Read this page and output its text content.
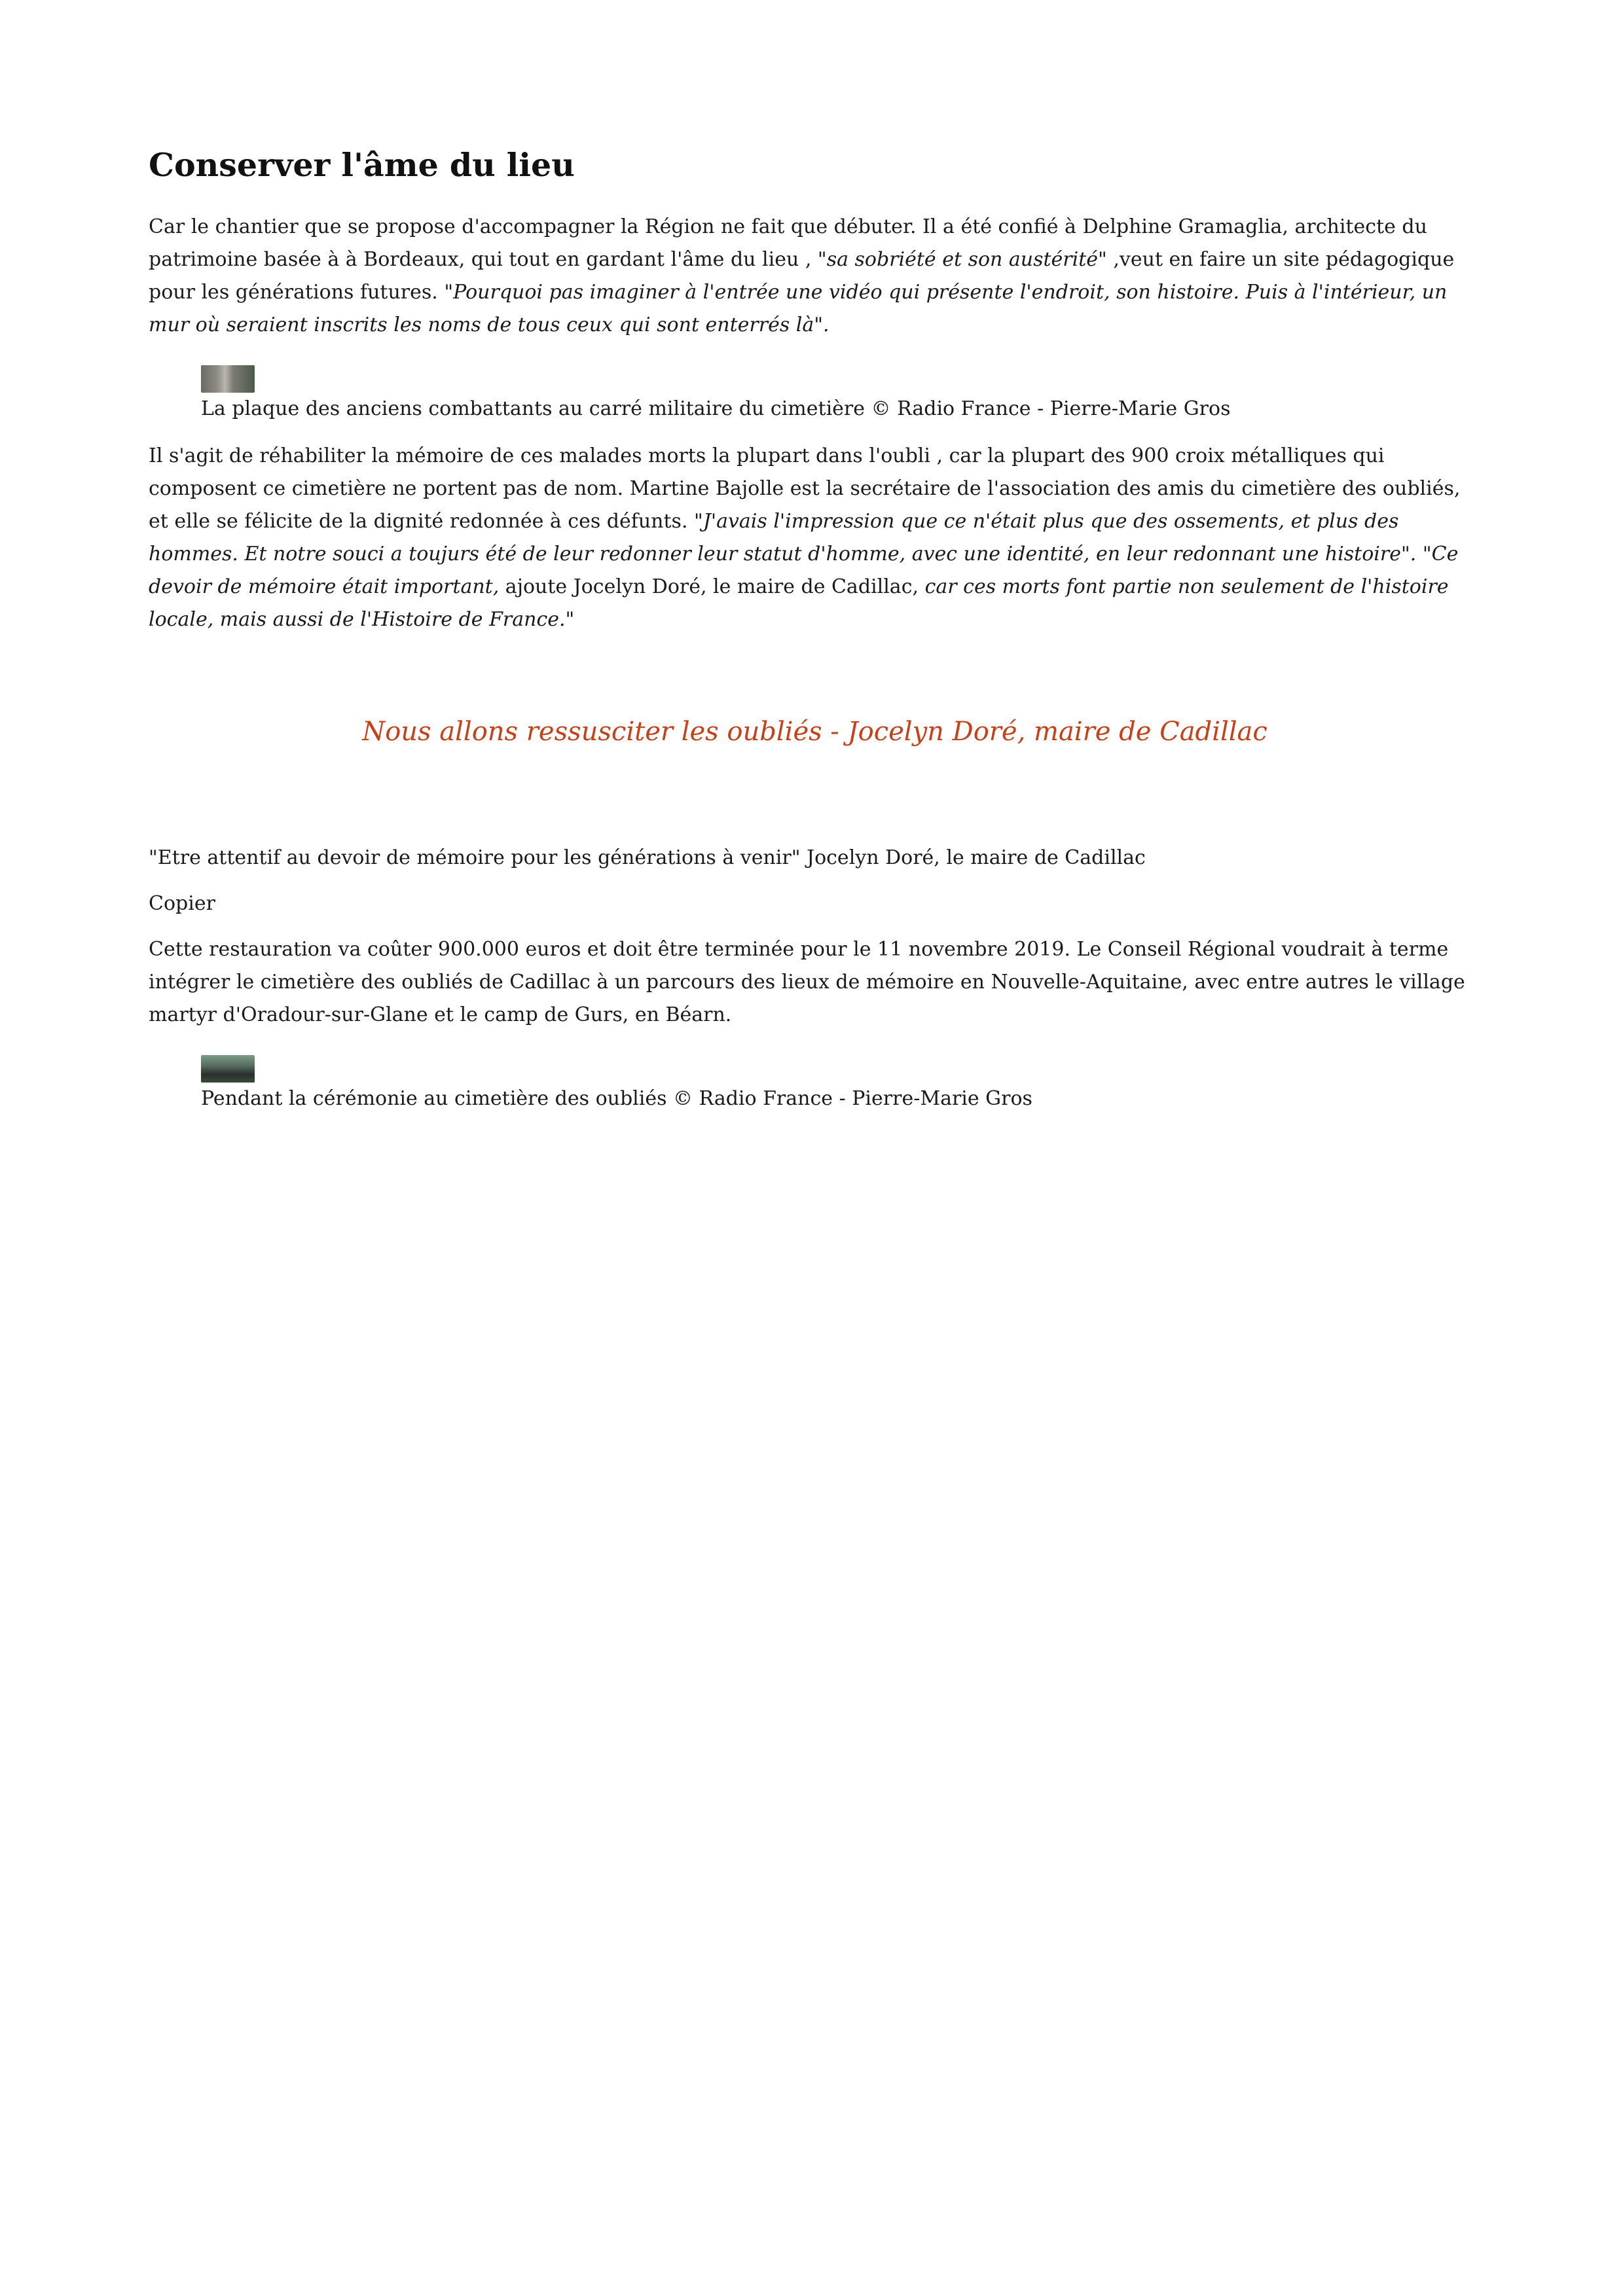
Conserver l'âme du lieu

Car le chantier que se propose d'accompagner la Région ne fait que débuter. Il a été confié à Delphine Gramaglia, architecte du patrimoine basée à à Bordeaux, qui tout en gardant l'âme du lieu , "sa sobriété et son austérité" ,veut en faire un site pédagogique pour les générations futures. "Pourquoi pas imaginer à l'entrée une vidéo qui présente l'endroit, son histoire. Puis à l'intérieur, un mur où seraient inscrits les noms de tous ceux qui sont enterrés là".

La plaque des anciens combattants au carré militaire du cimetière © Radio France - Pierre-Marie Gros

Il s'agit de réhabiliter la mémoire de ces malades morts la plupart dans l'oubli , car la plupart des 900 croix métalliques qui composent ce cimetière ne portent pas de nom. Martine Bajolle est la secrétaire de l'association des amis du cimetière des oubliés, et elle se félicite de la dignité redonnée à ces défunts. "J'avais l'impression que ce n'était plus que des ossements, et plus des hommes. Et notre souci a toujurs été de leur redonner leur statut d'homme, avec une identité, en leur redonnant une histoire". "Ce devoir de mémoire était important, ajoute Jocelyn Doré, le maire de Cadillac, car ces morts font partie non seulement de l'histoire locale, mais aussi de l'Histoire de France."

Nous allons ressusciter les oubliés - Jocelyn Doré, maire de Cadillac

"Etre attentif au devoir de mémoire pour les générations à venir" Jocelyn Doré, le maire de Cadillac

Copier

Cette restauration va coûter 900.000 euros et doit être terminée pour le 11 novembre 2019. Le Conseil Régional voudrait à terme intégrer le cimetière des oubliés de Cadillac à un parcours des lieux de mémoire en Nouvelle-Aquitaine, avec entre autres le village martyr d'Oradour-sur-Glane et le camp de Gurs, en Béarn.

Pendant la cérémonie au cimetière des oubliés © Radio France - Pierre-Marie Gros
